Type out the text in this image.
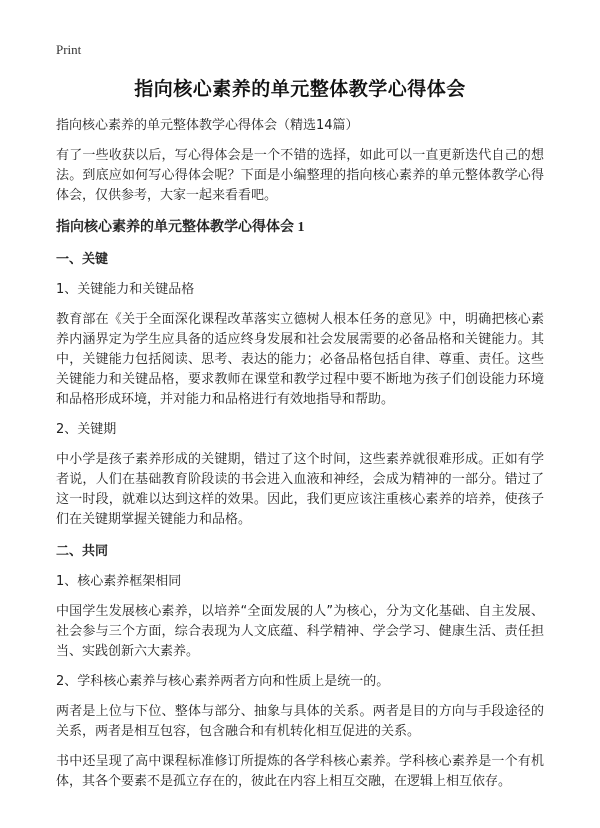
Print
指向核心素养的单元整体教学心得体会
指向核心素养的单元整体教学心得体会（精选14篇）

有了一些收获以后，写心得体会是一个不错的选择，如此可以一直更新迭代自己的想法。到底应如何写心得体会呢？下面是小编整理的指向核心素养的单元整体教学心得体会，仅供参考，大家一起来看看吧。

指向核心素养的单元整体教学心得体会 1
一、关键
1、关键能力和关键品格

教育部在《关于全面深化课程改革落实立德树人根本任务的意见》中，明确把核心素养内涵界定为学生应具备的适应终身发展和社会发展需要的必备品格和关键能力。其中，关键能力包括阅读、思考、表达的能力；必备品格包括自律、尊重、责任。这些关键能力和关键品格，要求教师在课堂和教学过程中要不断地为孩子们创设能力环境和品格形成环境，并对能力和品格进行有效地指导和帮助。

2、关键期

中小学是孩子素养形成的关键期，错过了这个时间，这些素养就很难形成。正如有学者说，人们在基础教育阶段读的书会进入血液和神经，会成为精神的一部分。错过了这一时段，就难以达到这样的效果。因此，我们更应该注重核心素养的培养，使孩子们在关键期掌握关键能力和品格。

二、共同
1、核心素养框架相同

中国学生发展核心素养，以培养“全面发展的人”为核心，分为文化基础、自主发展、社会参与三个方面，综合表现为人文底蕴、科学精神、学会学习、健康生活、责任担当、实践创新六大素养。

2、学科核心素养与核心素养两者方向和性质上是统一的。

两者是上位与下位、整体与部分、抽象与具体的关系。两者是目的方向与手段途径的关系，两者是相互包容，包含融合和有机转化相互促进的关系。

书中还呈现了高中课程标准修订所提炼的各学科核心素养。学科核心素养是一个有机体，其各个要素不是孤立存在的，彼此在内容上相互交融，在逻辑上相互依存。
